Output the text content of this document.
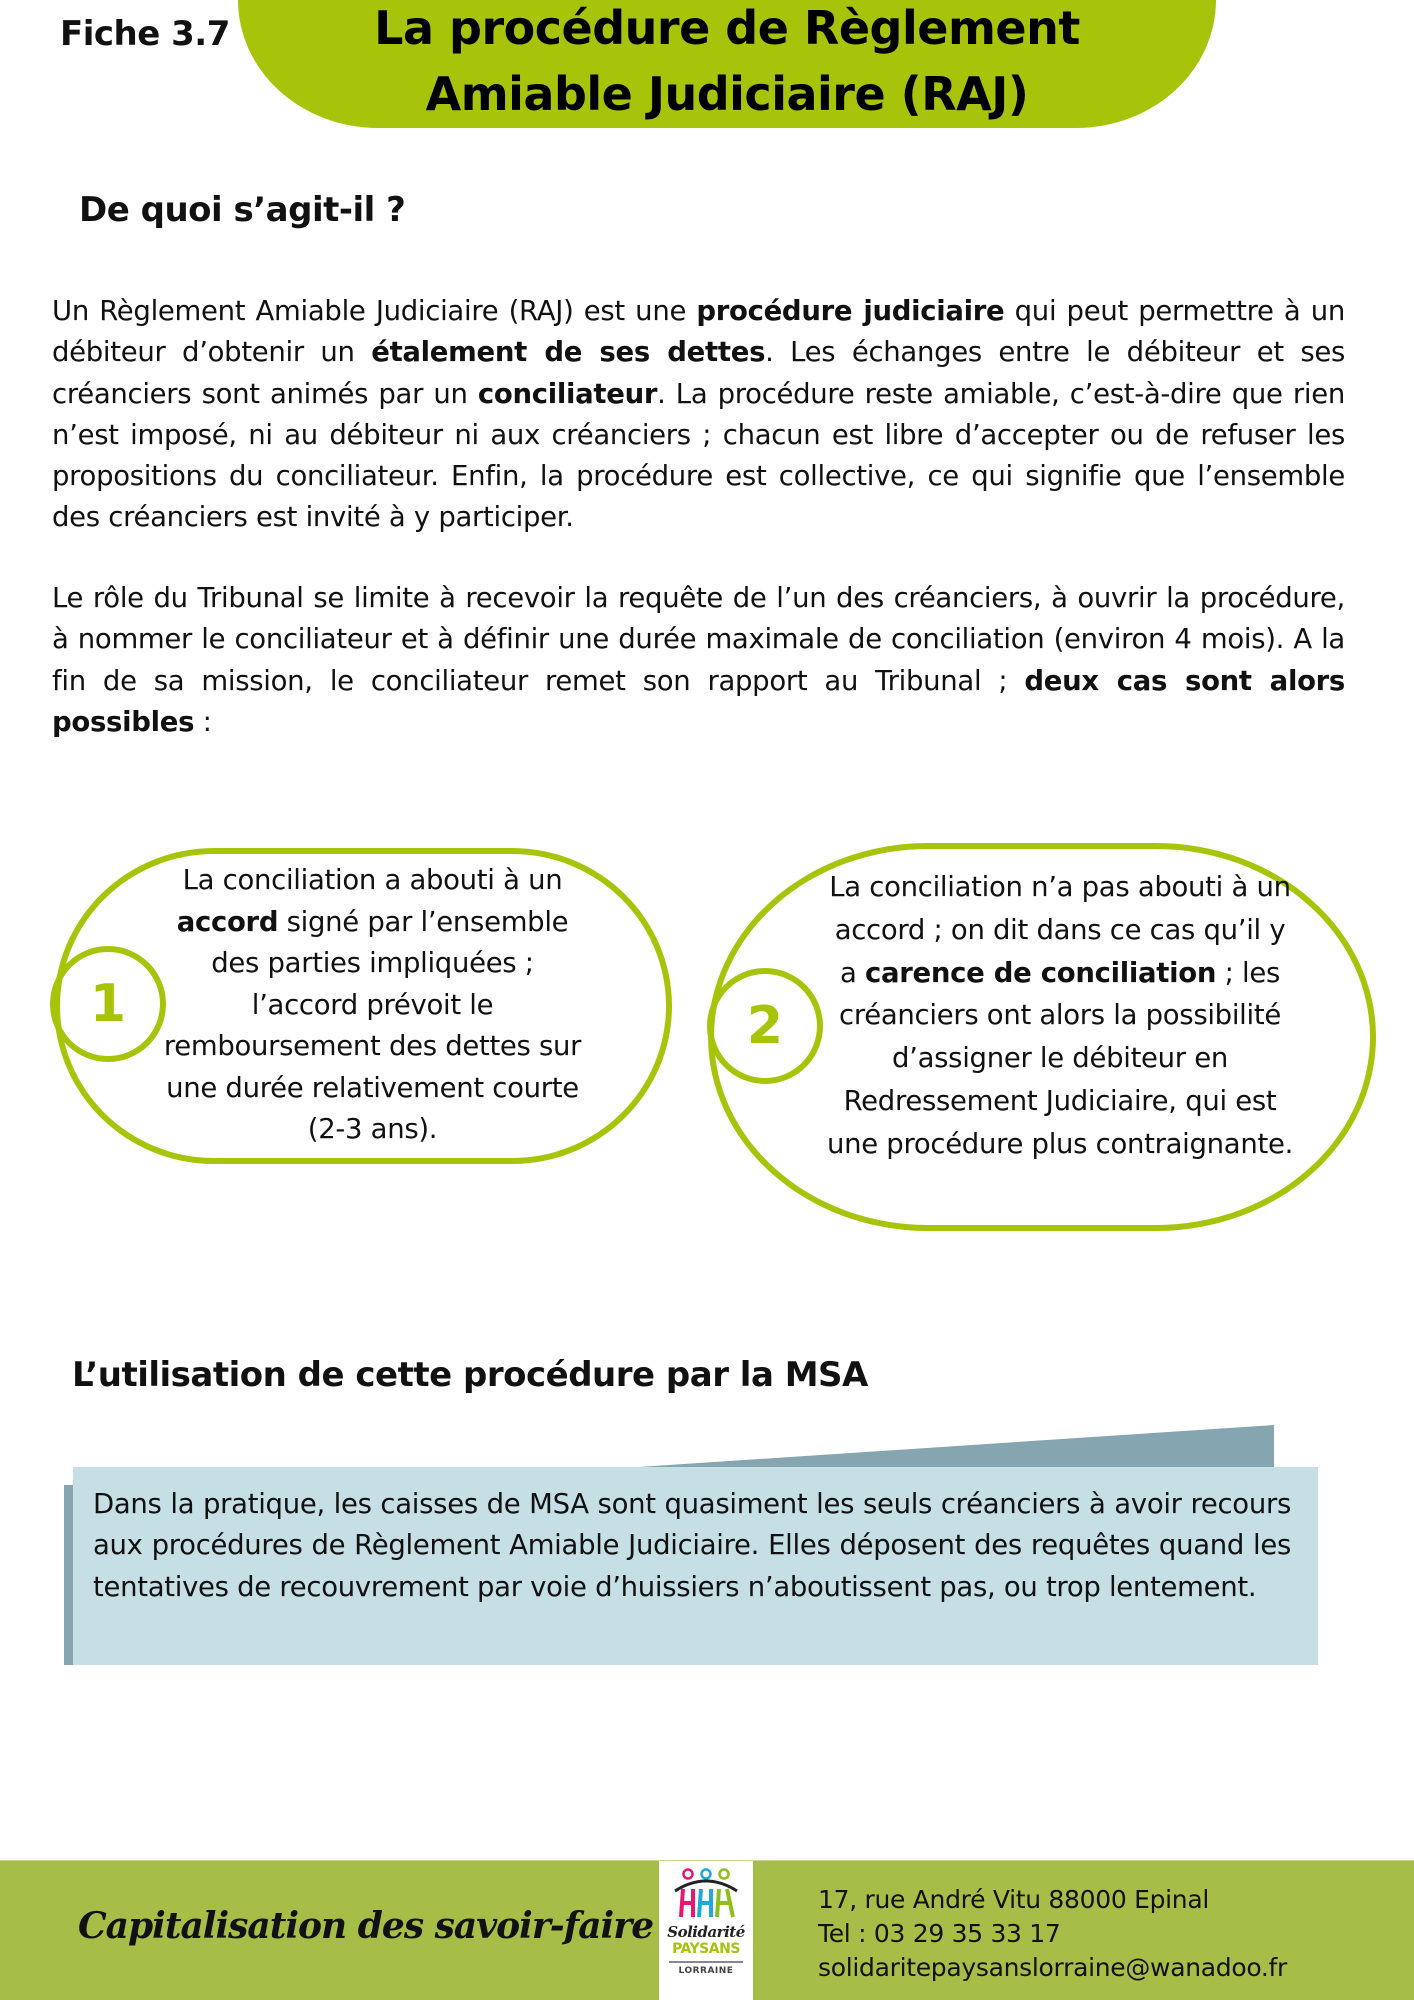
Fiche 3.7	La procédure de Règlement
Amiable Judiciaire (RAJ)
De quoi s’agit-il ?

Un Règlement Amiable Judiciaire (RAJ) est une procédure judiciaire qui peut permettre à un débiteur d’obtenir un étalement de ses dettes. Les échanges entre le débiteur et ses créanciers sont animés par un conciliateur. La procédure reste amiable, c’est-à-dire que rien n’est imposé, ni au débiteur ni aux créanciers ; chacun est libre d’accepter ou de refuser les propositions du conciliateur. Enfin, la procédure est collective, ce qui signifie que l’ensemble des créanciers est invité à y participer.

Le rôle du Tribunal se limite à recevoir la requête de l’un des créanciers, à ouvrir la procédure, à nommer le conciliateur et à définir une durée maximale de conciliation (environ 4 mois). A la fin de sa mission, le conciliateur remet son rapport au Tribunal ; deux cas sont alors possibles :

1

La conciliation a abouti à un accord signé par l’ensemble des parties impliquées ; l’accord prévoit le remboursement des dettes sur une durée relativement courte (2-3 ans).

2

La conciliation n’a pas abouti à un accord ; on dit dans ce cas qu’il y a carence de conciliation ; les créanciers ont alors la possibilité d’assigner le débiteur en Redressement Judiciaire, qui est une procédure plus contraignante.

L’utilisation de cette procédure par la MSA

Dans la pratique, les caisses de MSA sont quasiment les seuls créanciers à avoir recours aux procédures de Règlement Amiable Judiciaire. Elles déposent des requêtes quand les tentatives de recouvrement par voie d’huissiers n’aboutissent pas, ou trop lentement.

Capitalisation des savoir-faire Solidarité
PAYSANS
LORRAINE
17, rue André Vitu 88000 Epinal
Tel : 03 29 35 33 17
solidaritepaysanslorraine@wanadoo.fr
